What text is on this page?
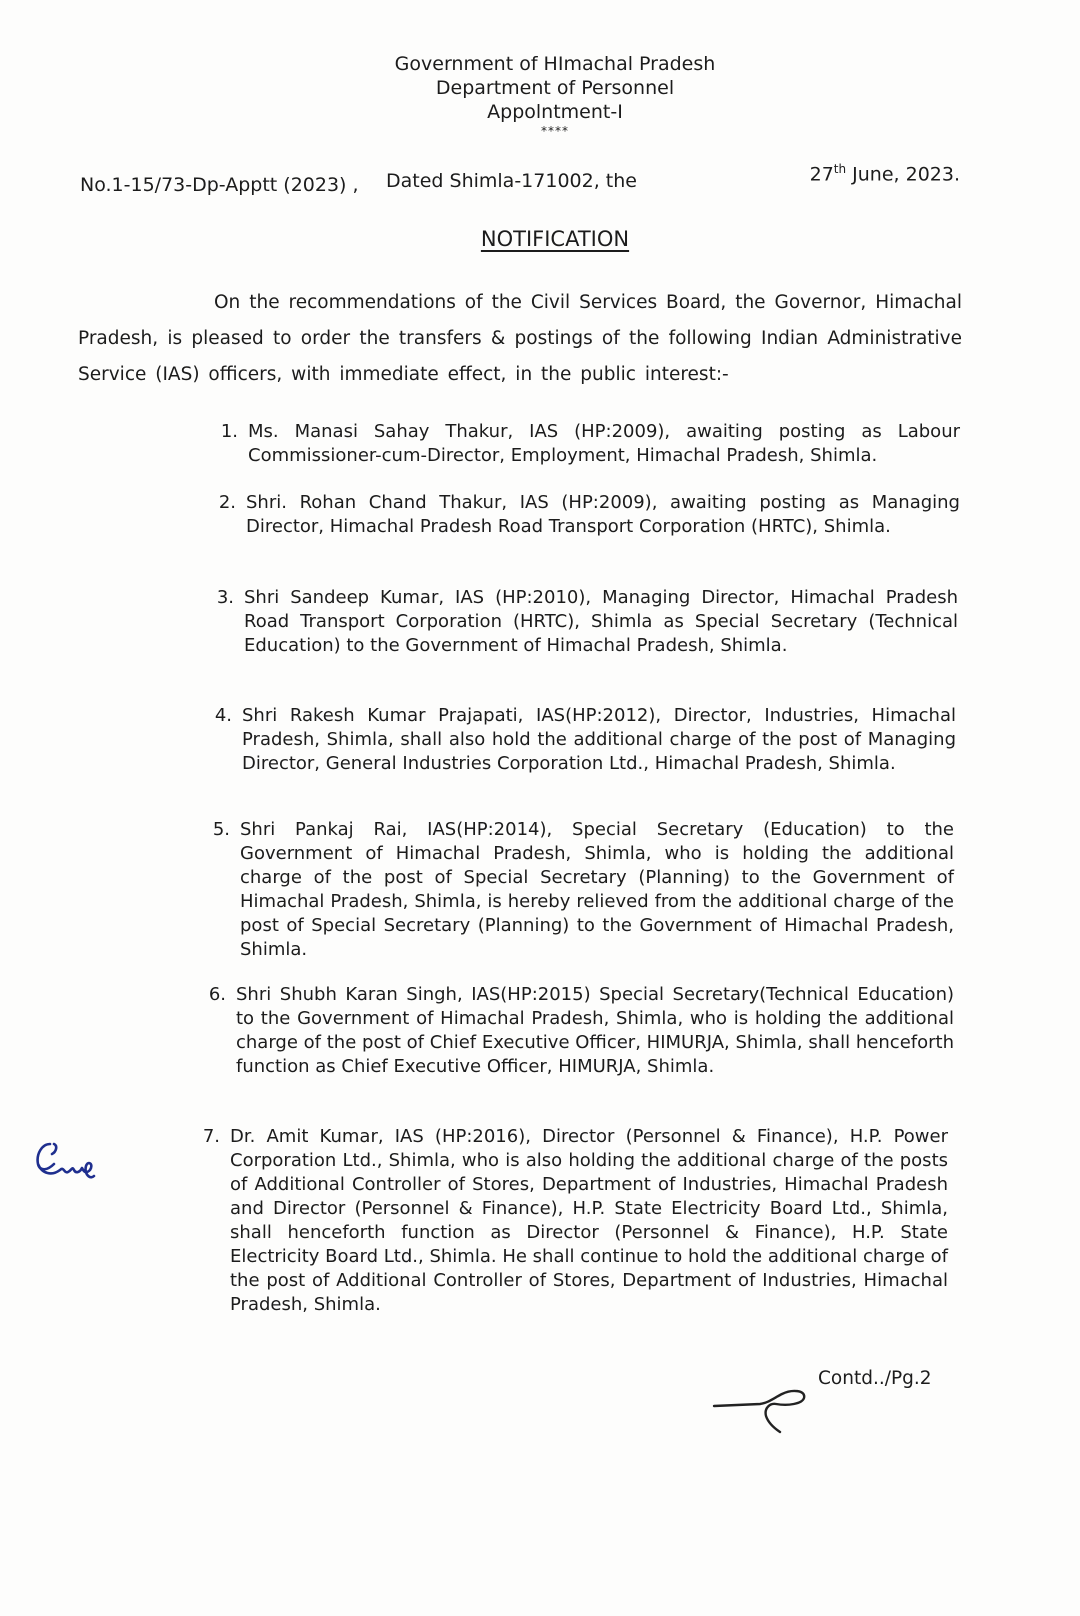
Government of HImachal Pradesh
Department of Personnel
Appolntment-I
****
No.1-15/73-Dp-Apptt (2023) , Dated Shimla-171002, the	27th June, 2023.
NOTIFICATION
On the recommendations of the Civil Services Board, the Governor, Himachal Pradesh, is pleased to order the transfers & postings of the following Indian Administrative Service (IAS) officers, with immediate effect, in the public interest:-
1. Ms. Manasi Sahay Thakur, IAS (HP:2009), awaiting posting as Labour Commissioner-cum-Director, Employment, Himachal Pradesh, Shimla.
2. Shri. Rohan Chand Thakur, IAS (HP:2009), awaiting posting as Managing Director, Himachal Pradesh Road Transport Corporation (HRTC), Shimla.
3. Shri Sandeep Kumar, IAS (HP:2010), Managing Director, Himachal Pradesh Road Transport Corporation (HRTC), Shimla as Special Secretary (Technical Education) to the Government of Himachal Pradesh, Shimla.
4. Shri Rakesh Kumar Prajapati, IAS(HP:2012), Director, Industries, Himachal Pradesh, Shimla, shall also hold the additional charge of the post of Managing Director, General Industries Corporation Ltd., Himachal Pradesh, Shimla.
5. Shri Pankaj Rai, IAS(HP:2014), Special Secretary (Education) to the Government of Himachal Pradesh, Shimla, who is holding the additional charge of the post of Special Secretary (Planning) to the Government of Himachal Pradesh, Shimla, is hereby relieved from the additional charge of the post of Special Secretary (Planning) to the Government of Himachal Pradesh, Shimla.
6. Shri Shubh Karan Singh, IAS(HP:2015) Special Secretary(Technical Education) to the Government of Himachal Pradesh, Shimla, who is holding the additional charge of the post of Chief Executive Officer, HIMURJA, Shimla, shall henceforth function as Chief Executive Officer, HIMURJA, Shimla.
7. Dr. Amit Kumar, IAS (HP:2016), Director (Personnel & Finance), H.P. Power Corporation Ltd., Shimla, who is also holding the additional charge of the posts of Additional Controller of Stores, Department of Industries, Himachal Pradesh and Director (Personnel & Finance), H.P. State Electricity Board Ltd., Shimla, shall henceforth function as Director (Personnel & Finance), H.P. State Electricity Board Ltd., Shimla. He shall continue to hold the additional charge of the post of Additional Controller of Stores, Department of Industries, Himachal Pradesh, Shimla.
Contd../Pg.2
